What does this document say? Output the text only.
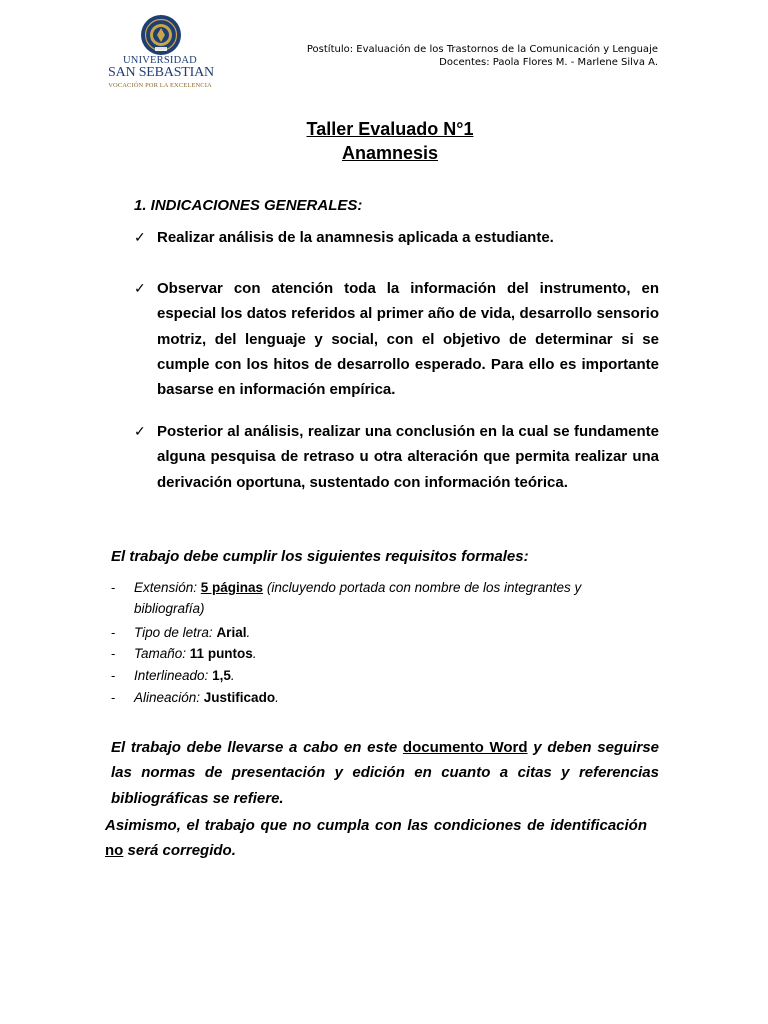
UNIVERSIDAD
SAN SEBASTIAN
VOCACIÓN POR LA EXCELENCIA
Postítulo: Evaluación de los Trastornos de la Comunicación y Lenguaje
Docentes: Paola Flores M. - Marlene Silva A.
Taller Evaluado N°1
Anamnesis
1. INDICACIONES GENERALES:
✓ Realizar análisis de la anamnesis aplicada a estudiante.
✓ Observar con atención toda la información del instrumento, en especial los datos referidos al primer año de vida, desarrollo sensorio motriz, del lenguaje y social, con el objetivo de determinar si se cumple con los hitos de desarrollo esperado. Para ello es importante basarse en información empírica.
✓ Posterior al análisis, realizar una conclusión en la cual se fundamente alguna pesquisa de retraso u otra alteración que permita realizar una derivación oportuna, sustentado con información teórica.
El trabajo debe cumplir los siguientes requisitos formales:
- Extensión: 5 páginas (incluyendo portada con nombre de los integrantes y bibliografía)
- Tipo de letra: Arial.
- Tamaño: 11 puntos.
- Interlineado: 1,5.
- Alineación: Justificado.
El trabajo debe llevarse a cabo en este documento Word y deben seguirse las normas de presentación y edición en cuanto a citas y referencias bibliográficas se refiere.
Asimismo, el trabajo que no cumpla con las condiciones de identificación no será corregido.
